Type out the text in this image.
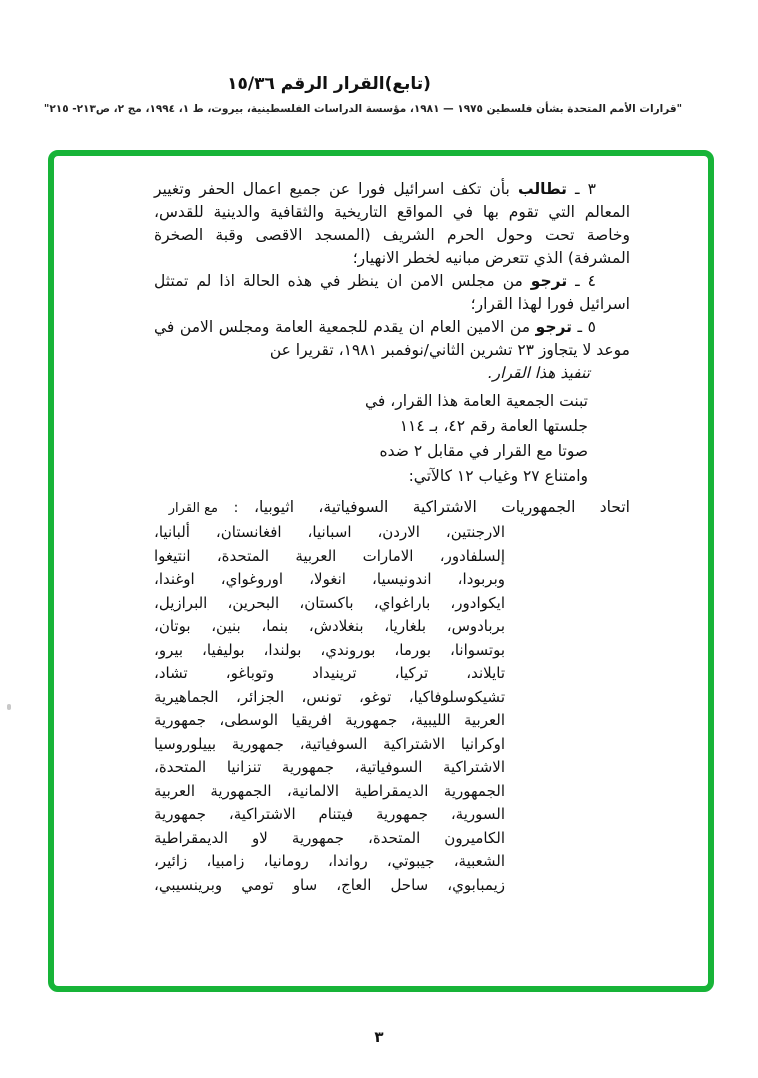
(تابع)القرار الرقم ١٥/٣٦
"قرارات الأمم المتحدة بشأن فلسطين ١٩٧٥ — ١٩٨١، مؤسسة الدراسات الفلسطينية، بيروت، ط ١، ١٩٩٤، مج ٢، ص٢١٣- ٢١٥"

٣ ـ تطالب بأن تكف اسرائيل فورا عن جميع اعمال الحفر وتغيير المعالم التي تقوم بها في المواقع التاريخية والثقافية والدينية للقدس، وخاصة تحت وحول الحرم الشريف (المسجد الاقصى وقبة الصخرة المشرفة) الذي تتعرض مبانيه لخطر الانهيار؛

٤ ـ ترجو من مجلس الامن ان ينظر في هذه الحالة اذا لم تمتثل اسرائيل فورا لهذا القرار؛

٥ ـ ترجو من الامين العام ان يقدم للجمعية العامة ومجلس الامن في موعد لا يتجاوز ٢٣ تشرين الثاني/نوفمبر ١٩٨١، تقريرا عن

تنفيذ هذا القرار.
تبنت الجمعية العامة هذا القرار، في
جلستها العامة رقم ٤٢، بـ ١١٤
صوتا مع القرار في مقابل ٢ ضده
وامتناع ٢٧ وغياب ١٢ كالآتي:
مع القرار	:	اتحاد الجمهوريات الاشتراكية السوفياتية، اثيوبيا،
الارجنتين، الاردن، اسبانيا، افغانستان، ألبانيا،
إلسلفادور، الامارات العربية المتحدة، انتيغوا
وبربودا، اندونيسيا، انغولا، اوروغواي، اوغندا،
ايكوادور، باراغواي، باكستان، البحرين، البرازيل،
بربادوس، بلغاريا، بنغلادش، بنما، بنين، بوتان،
بوتسوانا، بورما، بوروندي، بولندا، بوليفيا، بيرو،
تايلاند، تركيا، ترينيداد وتوباغو، تشاد،
تشيكوسلوفاكيا، توغو، تونس، الجزائر، الجماهيرية
العربية الليبية، جمهورية افريقيا الوسطى، جمهورية
اوكرانيا الاشتراكية السوفياتية، جمهورية بييلوروسيا
الاشتراكية السوفياتية، جمهورية تنزانيا المتحدة،
الجمهورية الديمقراطية الالمانية، الجمهورية العربية
السورية، جمهورية فيتنام الاشتراكية، جمهورية
الكاميرون المتحدة، جمهورية لاو الديمقراطية
الشعبية، جيبوتي، رواندا، رومانيا، زامبيا، زائير،
زيمبابوي، ساحل العاج، ساو تومي وبرينسيبي،
٣
